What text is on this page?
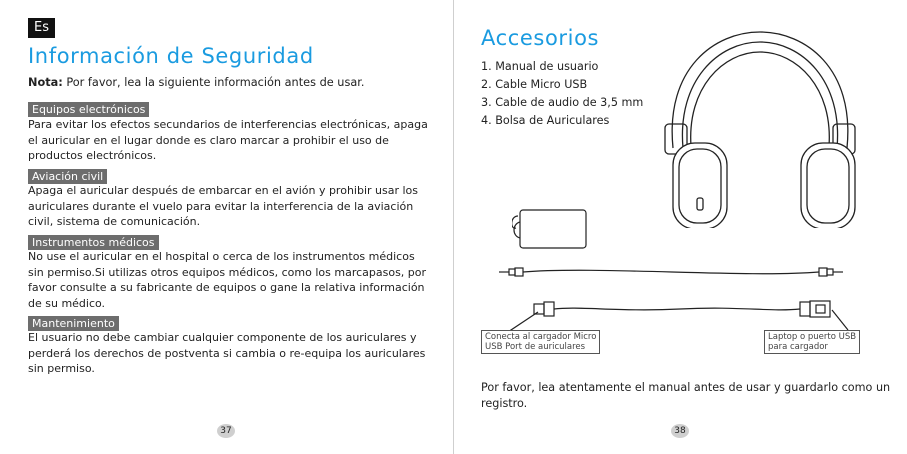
Es
Información de Seguridad
Nota: Por favor, lea la siguiente información antes de usar.
Equipos electrónicos
Para evitar los efectos secundarios de interferencias electrónicas, apaga el auricular en el lugar donde es claro marcar a prohibir el uso de productos electrónicos.
Aviación civil
Apaga el auricular después de embarcar en el avión y prohibir usar los auriculares durante el vuelo para evitar la interferencia de la aviación civil, sistema de comunicación.
Instrumentos médicos
No use el auricular en el hospital o cerca de los instrumentos médicos sin permiso.Si utilizas otros equipos médicos, como los marcapasos, por favor consulte a su fabricante de equipos o gane la relativa información de su médico.
Mantenimiento
El usuario no debe cambiar cualquier componente de los auriculares y perderá los derechos de postventa si cambia o re-equipa los auriculares sin permiso.
37
Accesorios
1. Manual de usuario
2. Cable Micro USB
3. Cable de audio de 3,5 mm
4. Bolsa de Auriculares
Conecta al cargador Micro
USB Port de auriculares
Laptop o puerto USB
para cargador
Por favor, lea atentamente el manual antes de usar y guardarlo como un registro.
38
